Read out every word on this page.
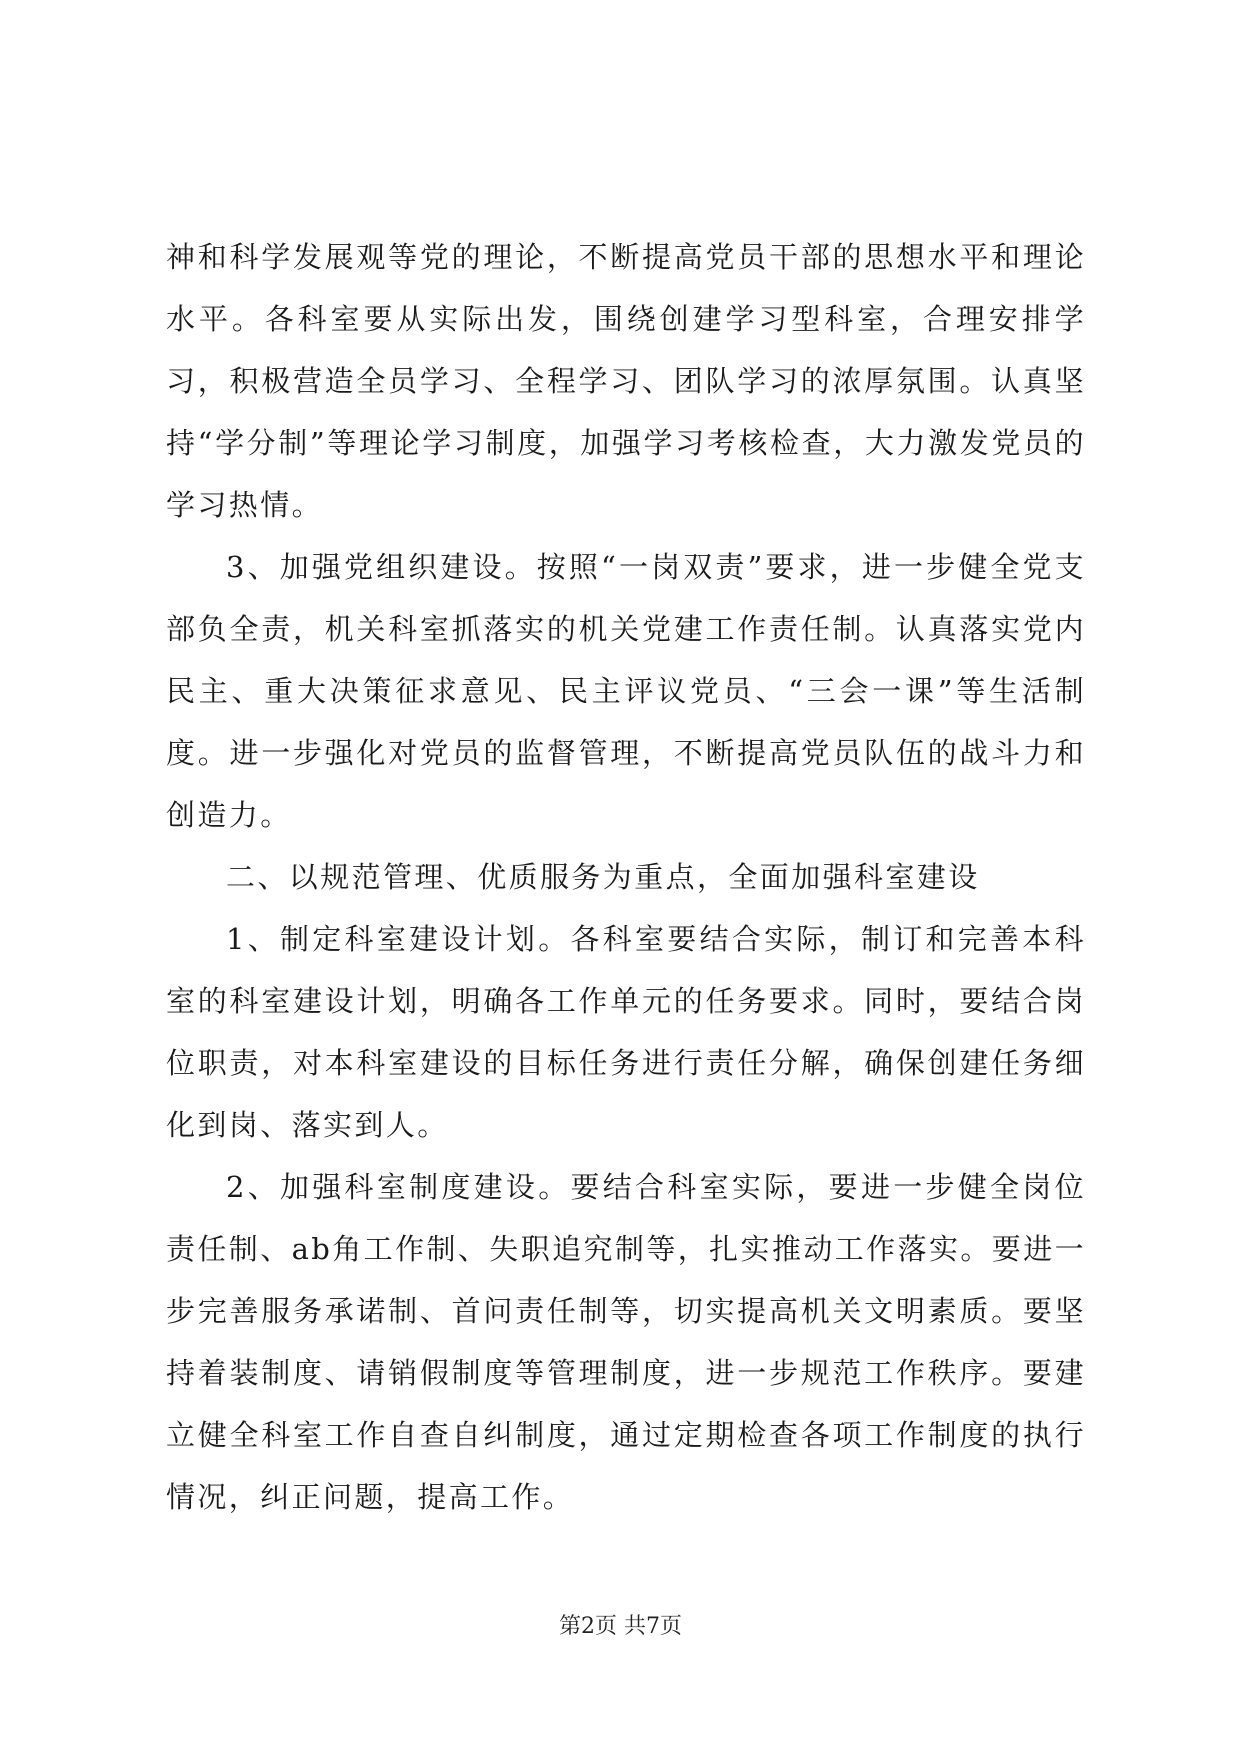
神和科学发展观等党的理论，不断提高党员干部的思想水平和理论水平。各科室要从实际出发，围绕创建学习型科室，合理安排学习，积极营造全员学习、全程学习、团队学习的浓厚氛围。认真坚持“学分制”等理论学习制度，加强学习考核检查，大力激发党员的学习热情。

3、加强党组织建设。按照“一岗双责”要求，进一步健全党支部负全责，机关科室抓落实的机关党建工作责任制。认真落实党内民主、重大决策征求意见、民主评议党员、“三会一课”等生活制度。进一步强化对党员的监督管理，不断提高党员队伍的战斗力和创造力。

二、以规范管理、优质服务为重点，全面加强科室建设

1、制定科室建设计划。各科室要结合实际，制订和完善本科室的科室建设计划，明确各工作单元的任务要求。同时，要结合岗位职责，对本科室建设的目标任务进行责任分解，确保创建任务细化到岗、落实到人。

2、加强科室制度建设。要结合科室实际，要进一步健全岗位责任制、ab角工作制、失职追究制等，扎实推动工作落实。要进一步完善服务承诺制、首问责任制等，切实提高机关文明素质。要坚持着装制度、请销假制度等管理制度，进一步规范工作秩序。要建立健全科室工作自查自纠制度，通过定期检查各项工作制度的执行情况，纠正问题，提高工作。

第2页 共7页
